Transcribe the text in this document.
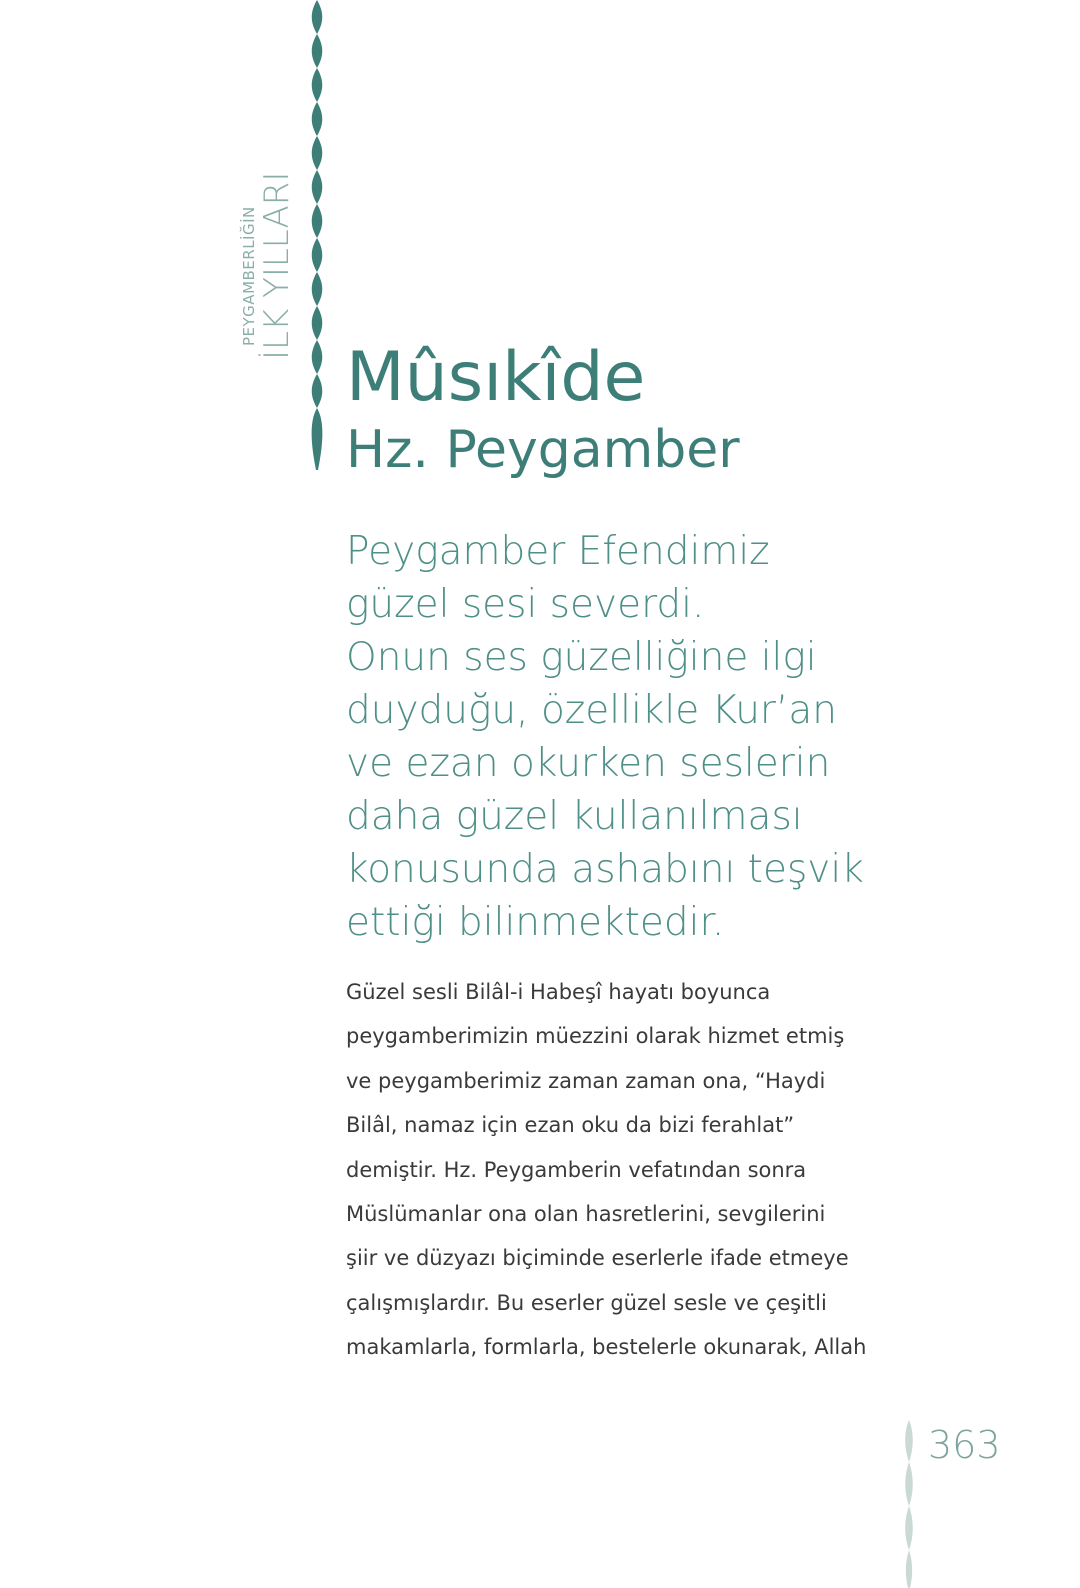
PEYGAMBERLİĞİN İLK YILLARI
Mûsıkîde
Hz. Peygamber
Peygamber Efendimiz
güzel sesi severdi.
Onun ses güzelliğine ilgi
duyduğu, özellikle Kur’an
ve ezan okurken seslerin
daha güzel kullanılması
konusunda ashabını teşvik
ettiği bilinmektedir.
Güzel sesli Bilâl-i Habeşî hayatı boyunca
peygamberimizin müezzini olarak hizmet etmiş
ve peygamberimiz zaman zaman ona, “Haydi
Bilâl, namaz için ezan oku da bizi ferahlat”
demiştir. Hz. Peygamberin vefatından sonra
Müslümanlar ona olan hasretlerini, sevgilerini
şiir ve düzyazı biçiminde eserlerle ifade etmeye
çalışmışlardır. Bu eserler güzel sesle ve çeşitli
makamlarla, formlarla, bestelerle okunarak, Allah
363
